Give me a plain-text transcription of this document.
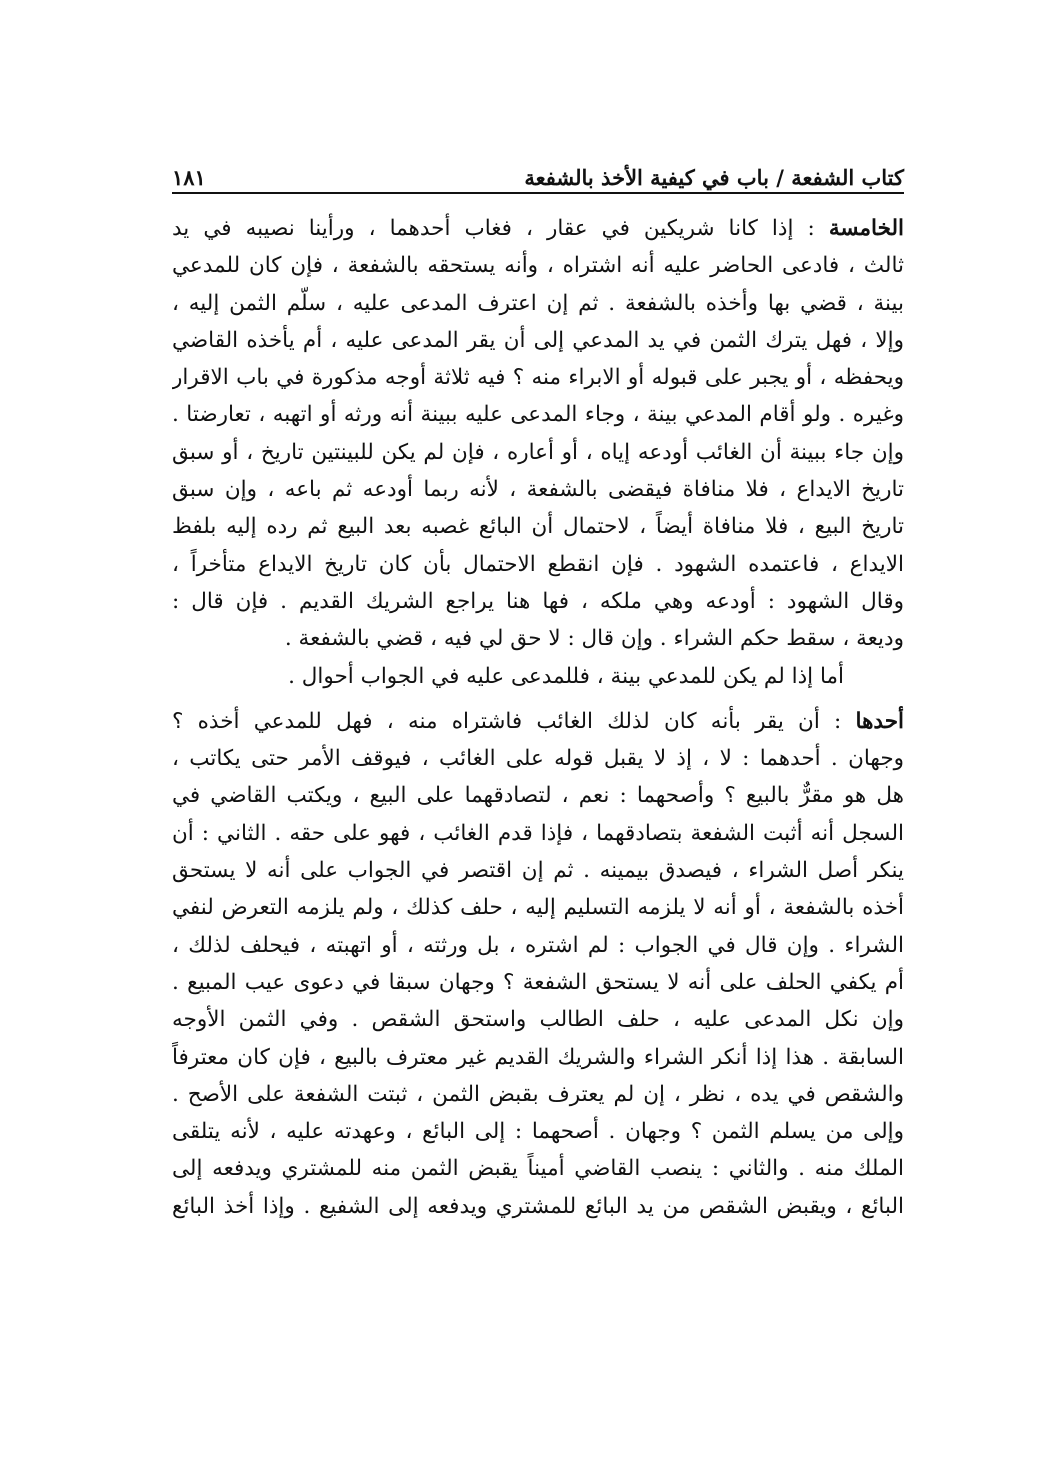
كتاب الشفعة / باب في كيفية الأخذ بالشفعة
١٨١
الخامسة : إذا كانا شريكين في عقار ، فغاب أحدهما ، ورأينا نصيبه في يد
ثالث ، فادعى الحاضر عليه أنه اشتراه ، وأنه يستحقه بالشفعة ، فإن كان للمدعي
بينة ، قضي بها وأخذه بالشفعة . ثم إن اعترف المدعى عليه ، سلّم الثمن إليه ،
وإلا ، فهل يترك الثمن في يد المدعي إلى أن يقر المدعى عليه ، أم يأخذه القاضي
ويحفظه ، أو يجبر على قبوله أو الابراء منه ؟ فيه ثلاثة أوجه مذكورة في باب الاقرار
وغيره . ولو أقام المدعي بينة ، وجاء المدعى عليه ببينة أنه ورثه أو اتهبه ، تعارضتا .
وإن جاء ببينة أن الغائب أودعه إياه ، أو أعاره ، فإن لم يكن للبينتين تاريخ ، أو سبق
تاريخ الايداع ، فلا منافاة فيقضى بالشفعة ، لأنه ربما أودعه ثم باعه ، وإن سبق
تاريخ البيع ، فلا منافاة أيضاً ، لاحتمال أن البائع غصبه بعد البيع ثم رده إليه بلفظ
الايداع ، فاعتمده الشهود . فإن انقطع الاحتمال بأن كان تاريخ الايداع متأخراً ،
وقال الشهود : أودعه وهي ملكه ، فها هنا يراجع الشريك القديم . فإن قال :
وديعة ، سقط حكم الشراء . وإن قال : لا حق لي فيه ، قضي بالشفعة .
أما إذا لم يكن للمدعي بينة ، فللمدعى عليه في الجواب أحوال .
أحدها : أن يقر بأنه كان لذلك الغائب فاشتراه منه ، فهل للمدعي أخذه ؟
وجهان . أحدهما : لا ، إذ لا يقبل قوله على الغائب ، فيوقف الأمر حتى يكاتب ،
هل هو مقرٌّ بالبيع ؟ وأصحهما : نعم ، لتصادقهما على البيع ، ويكتب القاضي في
السجل أنه أثبت الشفعة بتصادقهما ، فإذا قدم الغائب ، فهو على حقه . الثاني : أن
ينكر أصل الشراء ، فيصدق بيمينه . ثم إن اقتصر في الجواب على أنه لا يستحق
أخذه بالشفعة ، أو أنه لا يلزمه التسليم إليه ، حلف كذلك ، ولم يلزمه التعرض لنفي
الشراء . وإن قال في الجواب : لم اشتره ، بل ورثته ، أو اتهبته ، فيحلف لذلك ،
أم يكفي الحلف على أنه لا يستحق الشفعة ؟ وجهان سبقا في دعوى عيب المبيع .
وإن نكل المدعى عليه ، حلف الطالب واستحق الشقص . وفي الثمن الأوجه
السابقة . هذا إذا أنكر الشراء والشريك القديم غير معترف بالبيع ، فإن كان معترفاً
والشقص في يده ، نظر ، إن لم يعترف بقبض الثمن ، ثبتت الشفعة على الأصح .
وإلى من يسلم الثمن ؟ وجهان . أصحهما : إلى البائع ، وعهدته عليه ، لأنه يتلقى
الملك منه . والثاني : ينصب القاضي أميناً يقبض الثمن منه للمشتري ويدفعه إلى
البائع ، ويقبض الشقص من يد البائع للمشتري ويدفعه إلى الشفيع . وإذا أخذ البائع
